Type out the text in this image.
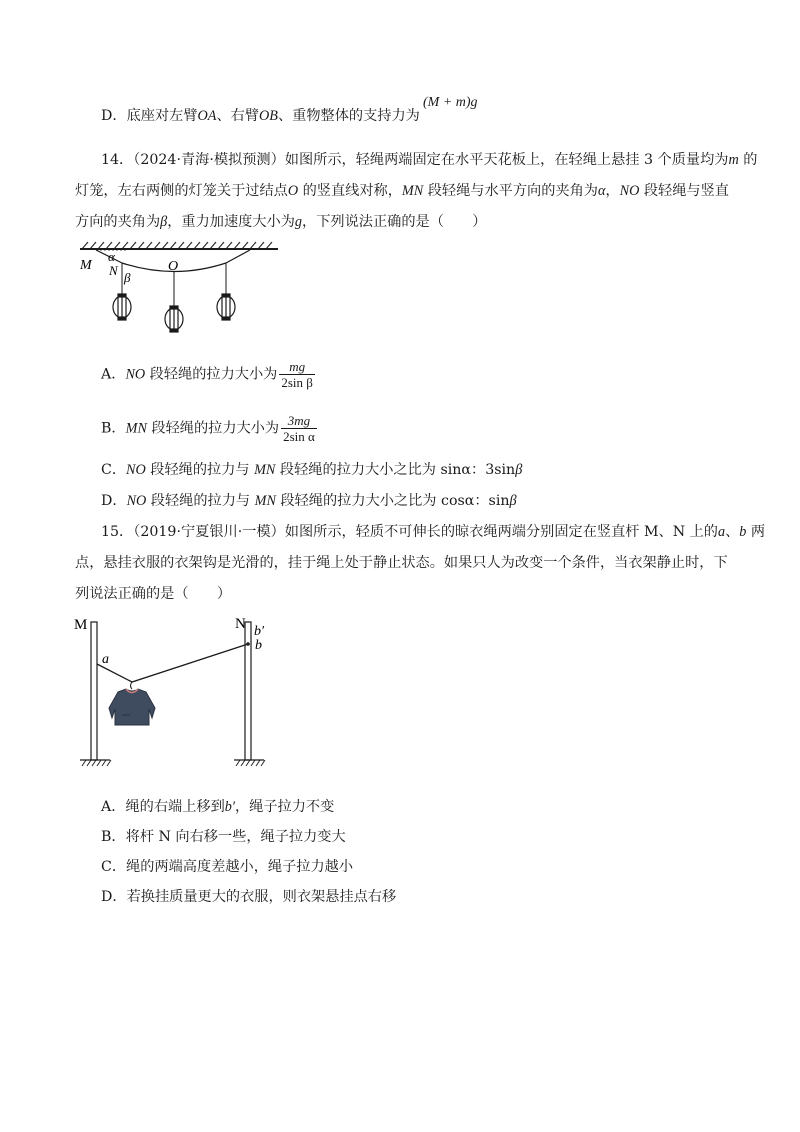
D．底座对左臂OA、右臂OB、重物整体的支持力为
(M + m)g
14．（2024·青海·模拟预测）如图所示，轻绳两端固定在水平天花板上，在轻绳上悬挂 3 个质量均为m 的
灯笼，左右两侧的灯笼关于过结点O 的竖直线对称，MN 段轻绳与水平方向的夹角为α，NO 段轻绳与竖直
方向的夹角为β，重力加速度大小为g，下列说法正确的是（　　）
M
α
N β
O
A．NO 段轻绳的拉力大小为 $\frac{mg}{\text{2sin β}}$
B．MN 段轻绳的拉力大小为 $\frac{3mg}{\text{2sin α}}$
C．NO 段轻绳的拉力与 MN 段轻绳的拉力大小之比为 sinα：3sinβ
D．NO 段轻绳的拉力与 MN 段轻绳的拉力大小之比为 cosα：sinβ
15．（2019·宁夏银川·一模）如图所示，轻质不可伸长的晾衣绳两端分别固定在竖直杆 M、N 上的a、b 两
点，悬挂衣服的衣架钩是光滑的，挂于绳上处于静止状态。如果只人为改变一个条件，当衣架静止时，下
列说法正确的是（　　）
M	N b′
b
a
A．绳的右端上移到b′，绳子拉力不变
B．将杆 N 向右移一些，绳子拉力变大
C．绳的两端高度差越小，绳子拉力越小
D．若换挂质量更大的衣服，则衣架悬挂点右移
